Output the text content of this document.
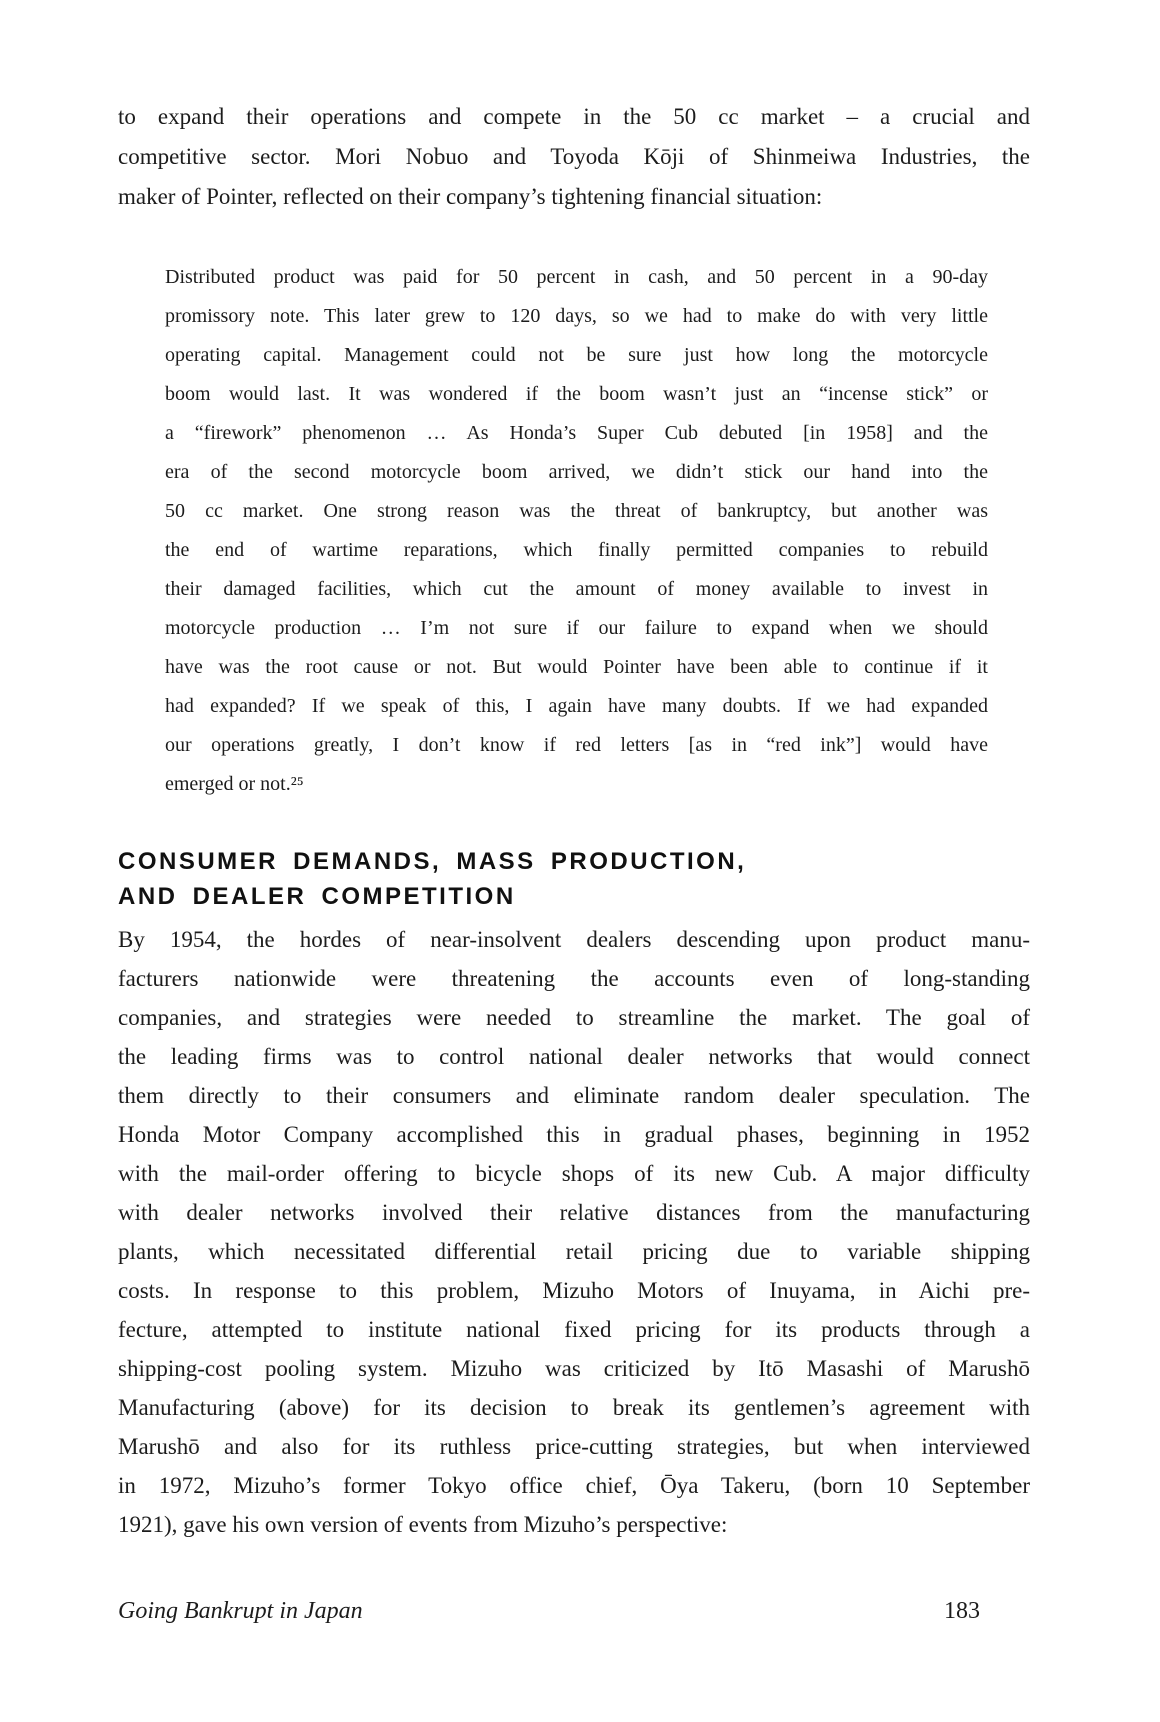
to expand their operations and compete in the 50 cc market – a crucial and
competitive sector. Mori Nobuo and Toyoda Kōji of Shinmeiwa Industries, the
maker of Pointer, reflected on their company’s tightening financial situation:

Distributed product was paid for 50 percent in cash, and 50 percent in a 90-day
promissory note. This later grew to 120 days, so we had to make do with very little
operating capital. Management could not be sure just how long the motorcycle
boom would last. It was wondered if the boom wasn’t just an “incense stick” or
a “firework” phenomenon … As Honda’s Super Cub debuted [in 1958] and the
era of the second motorcycle boom arrived, we didn’t stick our hand into the
50 cc market. One strong reason was the threat of bankruptcy, but another was
the end of wartime reparations, which finally permitted companies to rebuild
their damaged facilities, which cut the amount of money available to invest in
motorcycle production … I’m not sure if our failure to expand when we should
have was the root cause or not. But would Pointer have been able to continue if it
had expanded? If we speak of this, I again have many doubts. If we had expanded
our operations greatly, I don’t know if red letters [as in “red ink”] would have
emerged or not.²⁵
CONSUMER DEMANDS, MASS PRODUCTION,
AND DEALER COMPETITION

By 1954, the hordes of near-insolvent dealers descending upon product manu-
facturers nationwide were threatening the accounts even of long-standing
companies, and strategies were needed to streamline the market. The goal of
the leading firms was to control national dealer networks that would connect
them directly to their consumers and eliminate random dealer speculation. The
Honda Motor Company accomplished this in gradual phases, beginning in 1952
with the mail-order offering to bicycle shops of its new Cub. A major difficulty
with dealer networks involved their relative distances from the manufacturing
plants, which necessitated differential retail pricing due to variable shipping
costs. In response to this problem, Mizuho Motors of Inuyama, in Aichi pre-
fecture, attempted to institute national fixed pricing for its products through a
shipping-cost pooling system. Mizuho was criticized by Itō Masashi of Marushō
Manufacturing (above) for its decision to break its gentlemen’s agreement with
Marushō and also for its ruthless price-cutting strategies, but when interviewed
in 1972, Mizuho’s former Tokyo office chief, Ōya Takeru, (born 10 September
1921), gave his own version of events from Mizuho’s perspective:

Going Bankrupt in Japan	183
